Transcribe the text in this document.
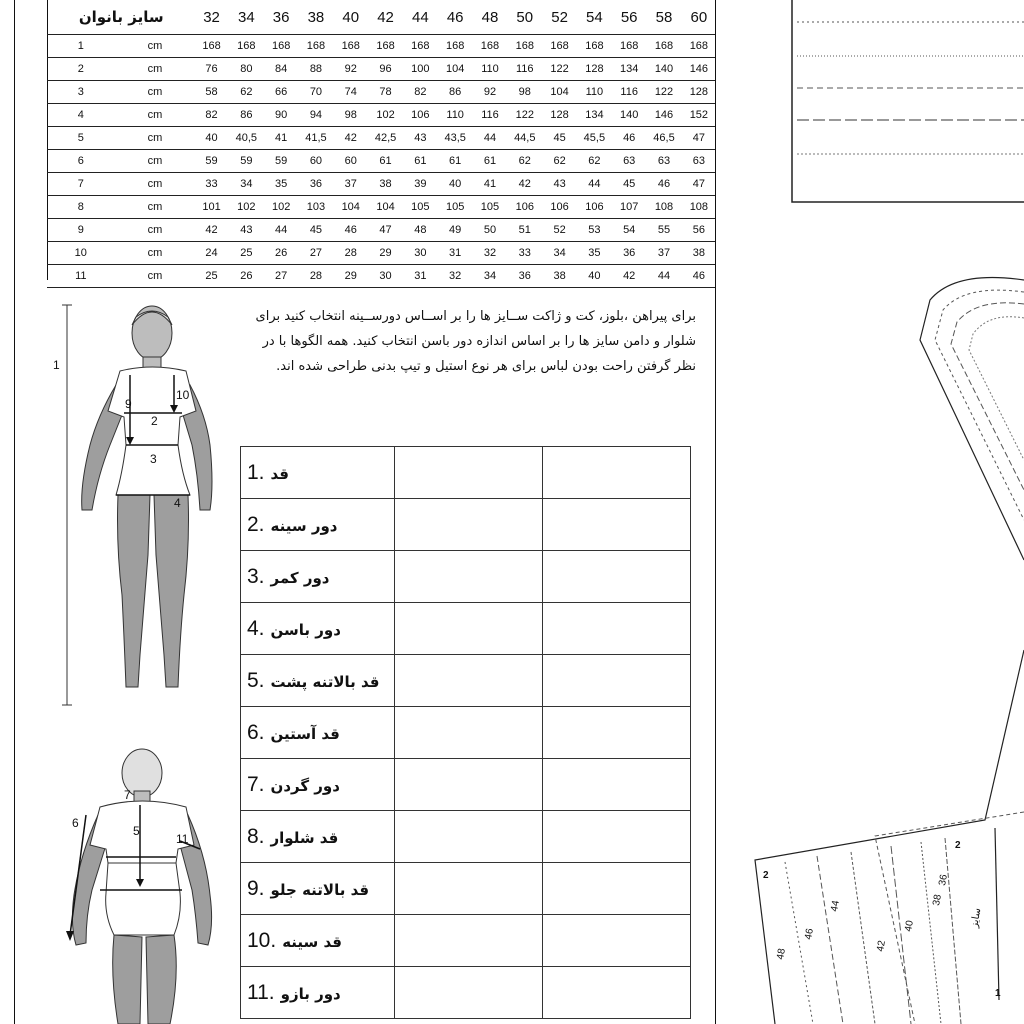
سایز بانوان		32	34	36	38	40	42	44	46	48	50	52	54	56	58	60
1	cm	168	168	168	168	168	168	168	168	168	168	168	168	168	168	168
2	cm	76	80	84	88	92	96	100	104	110	116	122	128	134	140	146
3	cm	58	62	66	70	74	78	82	86	92	98	104	110	116	122	128
4	cm	82	86	90	94	98	102	106	110	116	122	128	134	140	146	152
5	cm	40	40,5	41	41,5	42	42,5	43	43,5	44	44,5	45	45,5	46	46,5	47
6	cm	59	59	59	60	60	61	61	61	61	62	62	62	63	63	63
7	cm	33	34	35	36	37	38	39	40	41	42	43	44	45	46	47
8	cm	101	102	102	103	104	104	105	105	105	106	106	106	107	108	108
9	cm	42	43	44	45	46	47	48	49	50	51	52	53	54	55	56
10	cm	24	25	26	27	28	29	30	31	32	33	34	35	36	37	38
11	cm	25	26	27	28	29	30	31	32	34	36	38	40	42	44	46
برای پیراهن ،بلوز، کت و ژاکت ســایز ها را بر اســاس دورســینه انتخاب کنید برای
شلوار و دامن سایز ها را بر اساس اندازه دور باسن انتخاب کنید. همه الگوها با در
نظر گرفتن راحت بودن لباس برای هر نوع استیل و تیپ بدنی طراحی شده اند.
1. قد		
2. دور سینه		
3. دور کمر		
4. دور باسن		
5. قد بالاتنه پشت		
6. قد آستین		
7. دور گردن		
8. قد شلوار		
9. قد بالاتنه جلو		
10. قد سینه		
11. دور بازو		
1
9
10
2
3
4
7
6
5
11
2
48
46
44
42
40
38
36
2
1
سایز
